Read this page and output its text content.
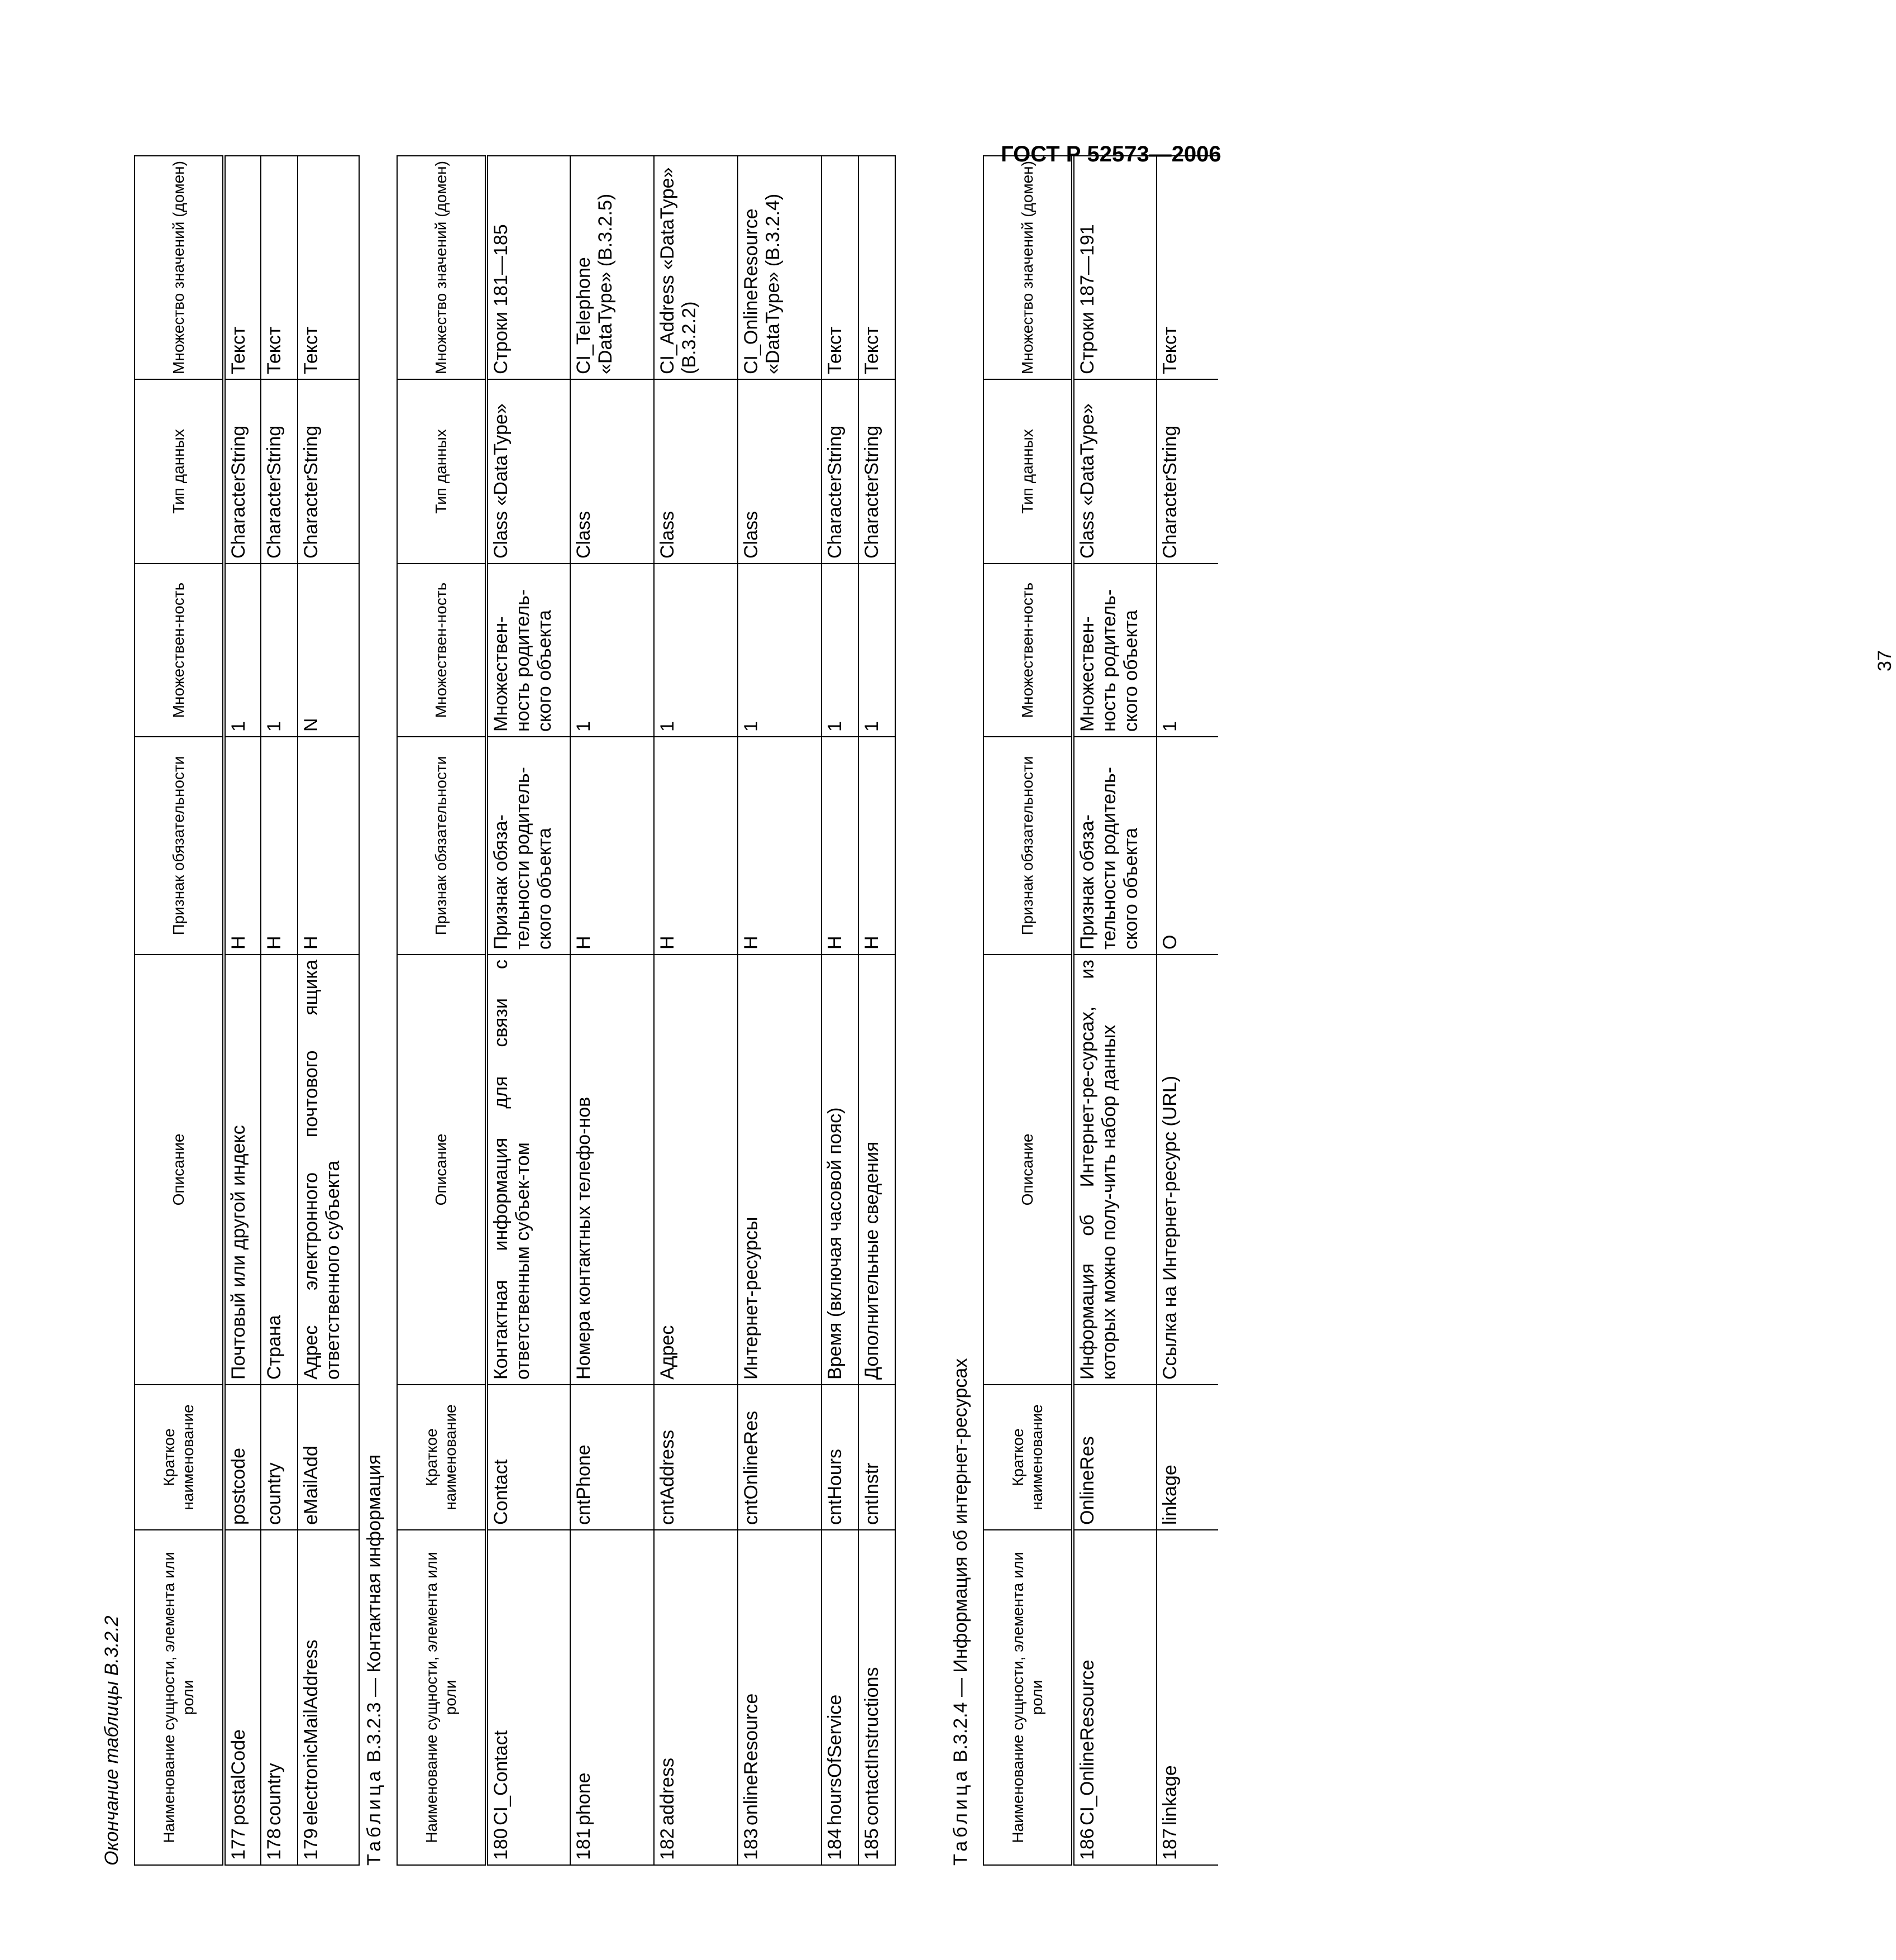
ГОСТ Р 52573—2006
Окончание таблицы В.3.2.2	Наименование сущности, элемента или роли	Краткое наименование	Описание	Признак обязательности	Множествен-ность	Тип данных	Множество значений (домен)
177postalCode	postcode	Почтовый или другой индекс	Н	1	CharacterString	Текст
178country	country	Страна	Н	1	CharacterString	Текст
179electronicMailAddress	eMailAdd	Адрес электронного почтового ящика ответственного субъекта	Н	N	CharacterString	Текст
Таблица В.3.2.3 — Контактная информация	Наименование сущности, элемента или роли	Краткое наименование	Описание	Признак обязательности	Множествен-ность	Тип данных	Множество значений (домен)
180CI_Contact	Contact	Контактная информация для связи с ответственным субъек-том	Признак обяза-тельности родитель-ского объекта	Множествен-ность родитель-ского объекта	Class «DataType»	Строки 181—185
181phone	cntPhone	Номера контактных телефо-нов	Н	1	Class	CI_Telephone «DataType» (В.3.2.5)
182address	cntAddress	Адрес	Н	1	Class	CI_Address «DataType» (В.3.2.2)
183onlineResource	cntOnlineRes	Интернет-ресурсы	Н	1	Class	CI_OnlineResource «DataType» (В.3.2.4)
184hoursOfService	cntHours	Время (включая часовой пояс)	Н	1	CharacterString	Текст
185contactInstructions	cntInstr	Дополнительные сведения	Н	1	CharacterString	Текст
Таблица В.3.2.4 — Информация об интернет-ресурсах	Наименование сущности, элемента или роли	Краткое наименование	Описание	Признак обязательности	Множествен-ность	Тип данных	Множество значений (домен)
186CI_OnlineResource	OnlineRes	Информация об Интернет-ре-сурсах, из которых можно полу-чить набор данных	Признак обяза-тельности родитель-ского объекта	Множествен-ность родитель-ского объекта	Class «DataType»	Строки 187—191
187linkage	linkage	Ссылка на Интернет-ресурс (URL)	О	1	CharacterString	Текст
37
